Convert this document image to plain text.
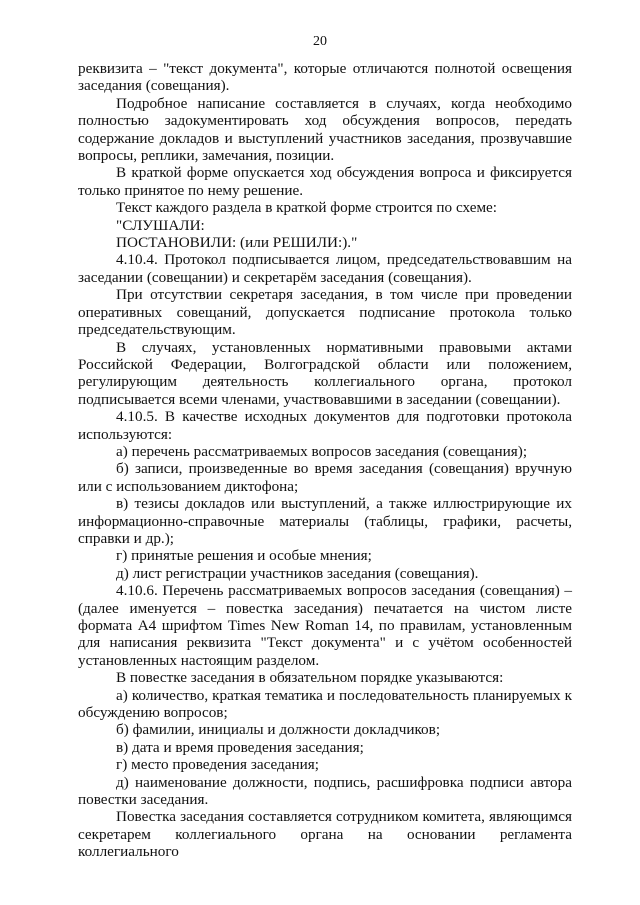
20

реквизита – "текст документа", которые отличаются полнотой освещения заседания (совещания).

Подробное написание составляется в случаях, когда необходимо полностью задокументировать ход обсуждения вопросов, передать содержание докладов и выступлений участников заседания, прозвучавшие вопросы, реплики, замечания, позиции.

В краткой форме опускается ход обсуждения вопроса и фиксируется только принятое по нему решение.

Текст каждого раздела в краткой форме строится по схеме:

"СЛУШАЛИ:

ПОСТАНОВИЛИ: (или РЕШИЛИ:)."

4.10.4. Протокол подписывается лицом, председательствовавшим на заседании (совещании) и секретарём заседания (совещания).

При отсутствии секретаря заседания, в том числе при проведении оперативных совещаний, допускается подписание протокола только председательствующим.

В случаях, установленных нормативными правовыми актами Российской Федерации, Волгоградской области или положением, регулирующим деятельность коллегиального органа, протокол подписывается всеми членами, участвовавшими в заседании (совещании).

4.10.5. В качестве исходных документов для подготовки протокола используются:

а) перечень рассматриваемых вопросов заседания (совещания);

б) записи, произведенные во время заседания (совещания) вручную или с использованием диктофона;

в) тезисы докладов или выступлений, а также иллюстрирующие их информационно-справочные материалы (таблицы, графики, расчеты, справки и др.);

г) принятые решения и особые мнения;

д) лист регистрации участников заседания (совещания).

4.10.6. Перечень рассматриваемых вопросов заседания (совещания) – (далее именуется – повестка заседания) печатается на чистом листе формата А4 шрифтом Times New Roman 14, по правилам, установленным для написания реквизита "Текст документа" и с учётом особенностей установленных настоящим разделом.

В повестке заседания в обязательном порядке указываются:

а) количество, краткая тематика и последовательность планируемых к обсуждению вопросов;

б) фамилии, инициалы и должности докладчиков;

в) дата и время проведения заседания;

г) место проведения заседания;

д) наименование должности, подпись, расшифровка подписи автора повестки заседания.

Повестка заседания составляется сотрудником комитета, являющимся секретарем коллегиального органа на основании регламента коллегиального
